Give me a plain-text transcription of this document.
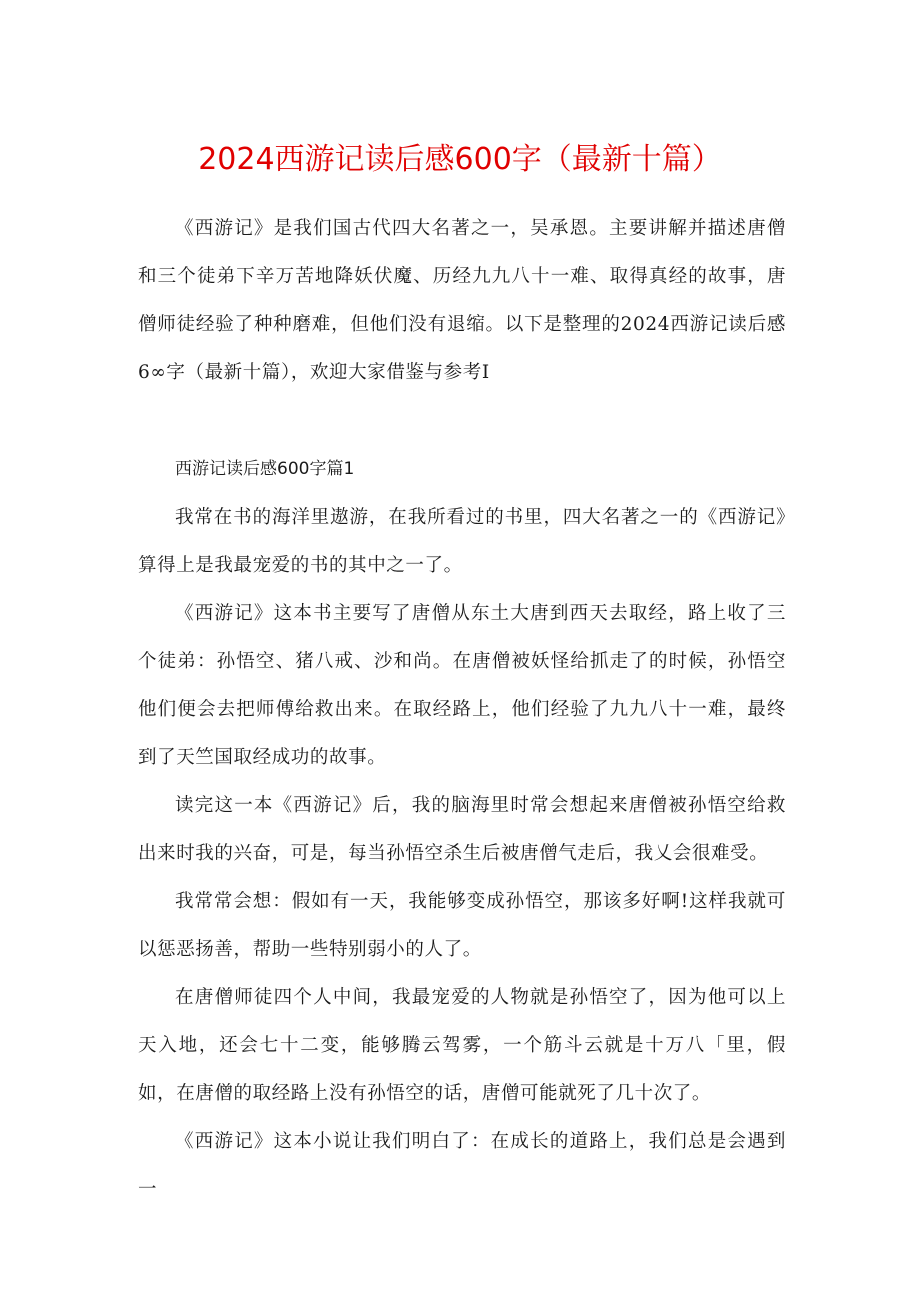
2024西游记读后感600字（最新十篇）

《西游记》是我们国古代四大名著之一，吴承恩。主要讲解并描述唐僧和三个徒弟下辛万苦地降妖伏魔、历经九九八十一难、取得真经的故事，唐僧师徒经验了种种磨难，但他们没有退缩。以下是整理的2024西游记读后感6∞字（最新十篇），欢迎大家借鉴与参考I

西游记读后感600字篇1

我常在书的海洋里遨游，在我所看过的书里，四大名著之一的《西游记》算得上是我最宠爱的书的其中之一了。

《西游记》这本书主要写了唐僧从东土大唐到西天去取经，路上收了三个徒弟：孙悟空、猪八戒、沙和尚。在唐僧被妖怪给抓走了的时候，孙悟空他们便会去把师傅给救出来。在取经路上，他们经验了九九八十一难，最终到了天竺国取经成功的故事。

读完这一本《西游记》后，我的脑海里时常会想起来唐僧被孙悟空给救出来时我的兴奋，可是，每当孙悟空杀生后被唐僧气走后，我乂会很难受。

我常常会想：假如有一天，我能够变成孙悟空，那该多好啊!这样我就可以惩恶扬善，帮助一些特别弱小的人了。

在唐僧师徒四个人中间，我最宠爱的人物就是孙悟空了，因为他可以上天入地，还会七十二变，能够腾云驾雾，一个筋斗云就是十万八「里，假如，在唐僧的取经路上没有孙悟空的话，唐僧可能就死了几十次了。

《西游记》这本小说让我们明白了：在成长的道路上，我们总是会遇到一
